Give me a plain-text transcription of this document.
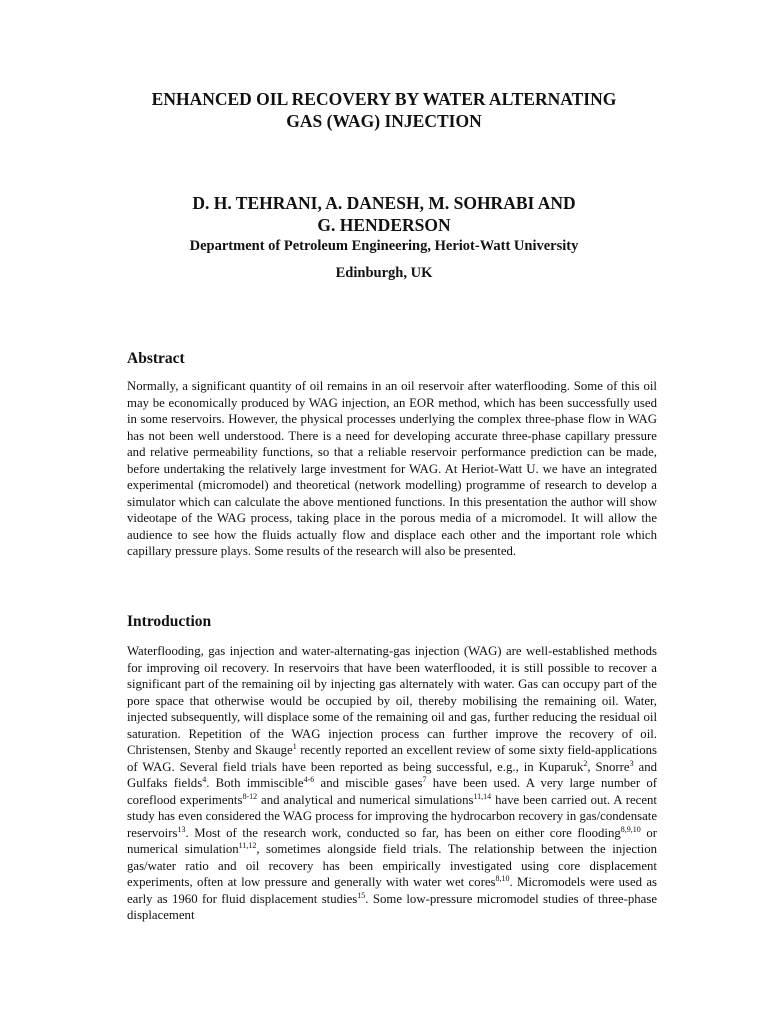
ENHANCED OIL RECOVERY BY WATER ALTERNATING
GAS (WAG) INJECTION
D. H. TEHRANI, A. DANESH, M. SOHRABI AND
G. HENDERSON
Department of Petroleum Engineering, Heriot-Watt University
Edinburgh, UK
Abstract

Normally, a significant quantity of oil remains in an oil reservoir after waterflooding. Some of this oil may be economically produced by WAG injection, an EOR method, which has been successfully used in some reservoirs. However, the physical processes underlying the complex three-phase flow in WAG has not been well understood. There is a need for developing accurate three-phase capillary pressure and relative permeability functions, so that a reliable reservoir performance prediction can be made, before undertaking the relatively large investment for WAG. At Heriot-Watt U. we have an integrated experimental (micromodel) and theoretical (network modelling) programme of research to develop a simulator which can calculate the above mentioned functions. In this presentation the author will show videotape of the WAG process, taking place in the porous media of a micromodel. It will allow the audience to see how the fluids actually flow and displace each other and the important role which capillary pressure plays. Some results of the research will also be presented.

Introduction

Waterflooding, gas injection and water-alternating-gas injection (WAG) are well-established methods for improving oil recovery. In reservoirs that have been waterflooded, it is still possible to recover a significant part of the remaining oil by injecting gas alternately with water. Gas can occupy part of the pore space that otherwise would be occupied by oil, thereby mobilising the remaining oil. Water, injected subsequently, will displace some of the remaining oil and gas, further reducing the residual oil saturation. Repetition of the WAG injection process can further improve the recovery of oil. Christensen, Stenby and Skauge$^1$ recently reported an excellent review of some sixty field-applications of WAG. Several field trials have been reported as being successful, e.g., in Kuparuk$^2$, Snorre$^3$ and Gulfaks fields$^4$. Both immiscible$^{4-6}$ and miscible gases$^7$ have been used. A very large number of coreflood experiments$^{8-12}$ and analytical and numerical simulations$^{11,14}$ have been carried out. A recent study has even considered the WAG process for improving the hydrocarbon recovery in gas/condensate reservoirs$^{13}$. Most of the research work, conducted so far, has been on either core flooding$^{8,9,10}$ or numerical simulation$^{11,12}$, sometimes alongside field trials. The relationship between the injection gas/water ratio and oil recovery has been empirically investigated using core displacement experiments, often at low pressure and generally with water wet cores$^{8,10}$. Micromodels were used as early as 1960 for fluid displacement studies$^{15}$. Some low-pressure micromodel studies of three-phase displacement
